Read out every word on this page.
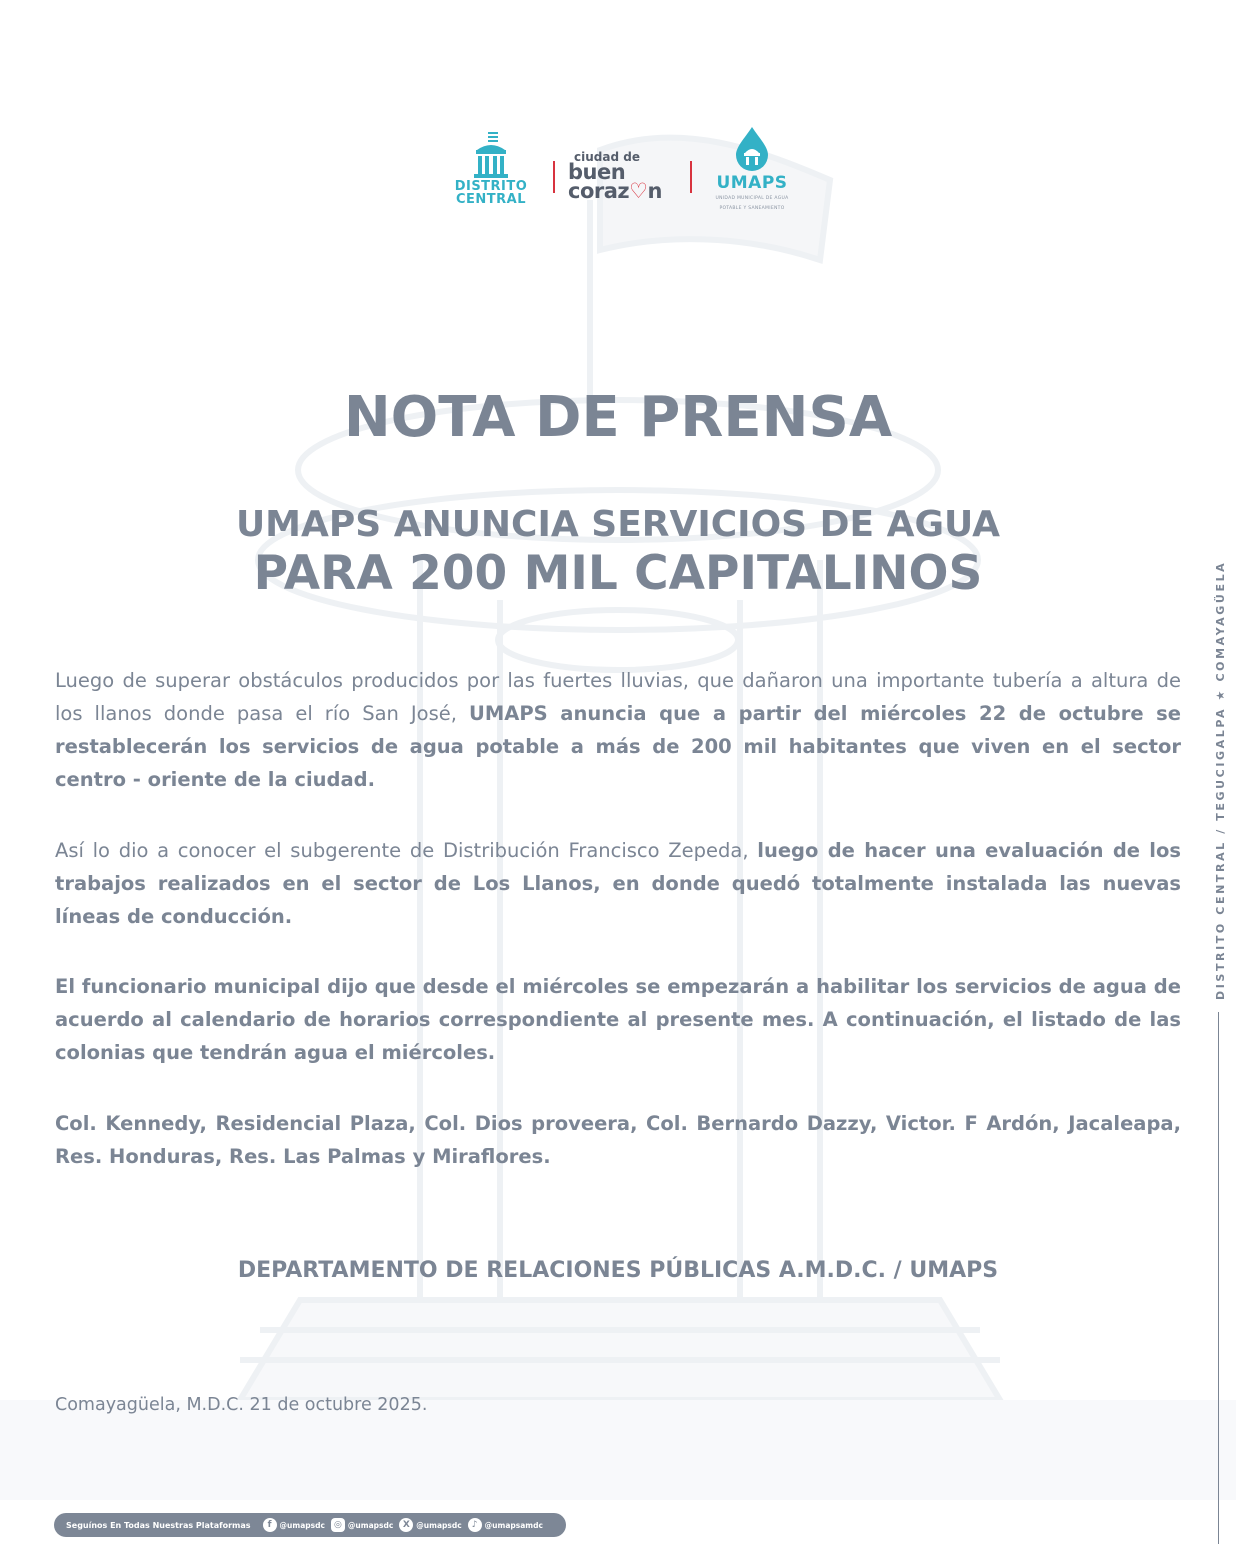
DISTRITO
CENTRAL
ciudad de
buen
coraz♡n	UMAPS
UNIDAD MUNICIPAL DE AGUA
POTABLE Y SANEAMIENTO
NOTA DE PRENSA
UMAPS ANUNCIA SERVICIOS DE AGUA
PARA 200 MIL CAPITALINOS

Luego de superar obstáculos producidos por las fuertes lluvias, que dañaron una importante tubería a altura de los llanos donde pasa el río San José, UMAPS anuncia que a partir del miércoles 22 de octubre se restablecerán los servicios de agua potable a más de 200 mil habitantes que viven en el sector centro - oriente de la ciudad.

Así lo dio a conocer el subgerente de Distribución Francisco Zepeda, luego de hacer una evaluación de los trabajos realizados en el sector de Los Llanos, en donde quedó totalmente instalada las nuevas líneas de conducción.

El funcionario municipal dijo que desde el miércoles se empezarán a habilitar los servicios de agua de acuerdo al calendario de horarios correspondiente al presente mes. A continuación, el listado de las colonias que tendrán agua el miércoles.

Col. Kennedy, Residencial Plaza, Col. Dios proveera, Col. Bernardo Dazzy, Victor. F Ardón, Jacaleapa, Res. Honduras, Res. Las Palmas y Miraflores.

DEPARTAMENTO DE RELACIONES PÚBLICAS A.M.D.C. / UMAPS
Comayagüela, M.D.C. 21 de octubre 2025.
Seguínos En Todas Nuestras Plataformas	f	@umapsdc	◎ @umapsdc	X @umapsdc	♪ @umapsamdc
DISTRITO CENTRAL / TEGUCIGALPA ★ COMAYAGÜELA
